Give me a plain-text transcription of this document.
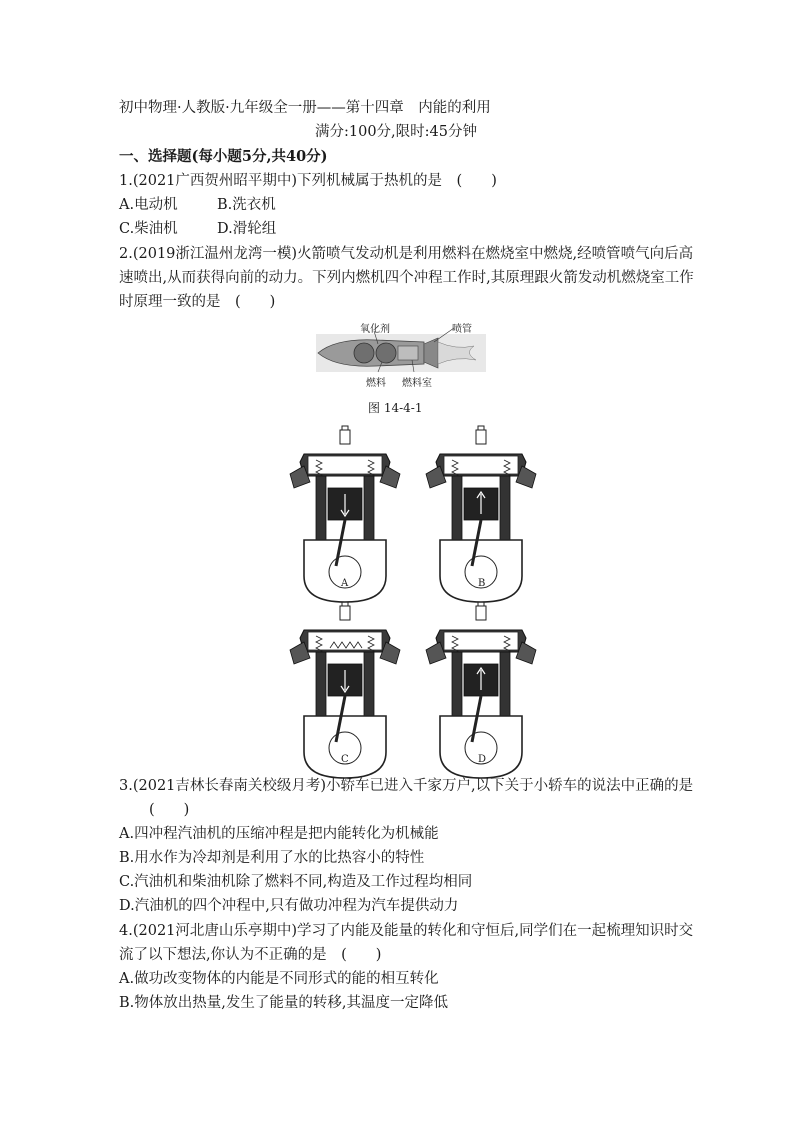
初中物理·人教版·九年级全一册——第十四章　内能的利用
满分:100分,限时:45分钟
一、选择题(每小题5分,共40分)
1.(2021广西贺州昭平期中)下列机械属于热机的是　(　　)
A.电动机	B.洗衣机
C.柴油机	D.滑轮组
2.(2019浙江温州龙湾一模)火箭喷气发动机是利用燃料在燃烧室中燃烧,经喷管喷气向后高
速喷出,从而获得向前的动力。下列内燃机四个冲程工作时,其原理跟火箭发动机燃烧室工作
时原理一致的是　(　　)
氧化剂	喷管
燃料 燃料室
图 14-4-1
A	B
C	D
3.(2021吉林长春南关校级月考)小轿车已进入千家万户,以下关于小轿车的说法中正确的是
(　　)
A.四冲程汽油机的压缩冲程是把内能转化为机械能
B.用水作为冷却剂是利用了水的比热容小的特性
C.汽油机和柴油机除了燃料不同,构造及工作过程均相同
D.汽油机的四个冲程中,只有做功冲程为汽车提供动力
4.(2021河北唐山乐亭期中)学习了内能及能量的转化和守恒后,同学们在一起梳理知识时交
流了以下想法,你认为不正确的是　(　　)
A.做功改变物体的内能是不同形式的能的相互转化
B.物体放出热量,发生了能量的转移,其温度一定降低
